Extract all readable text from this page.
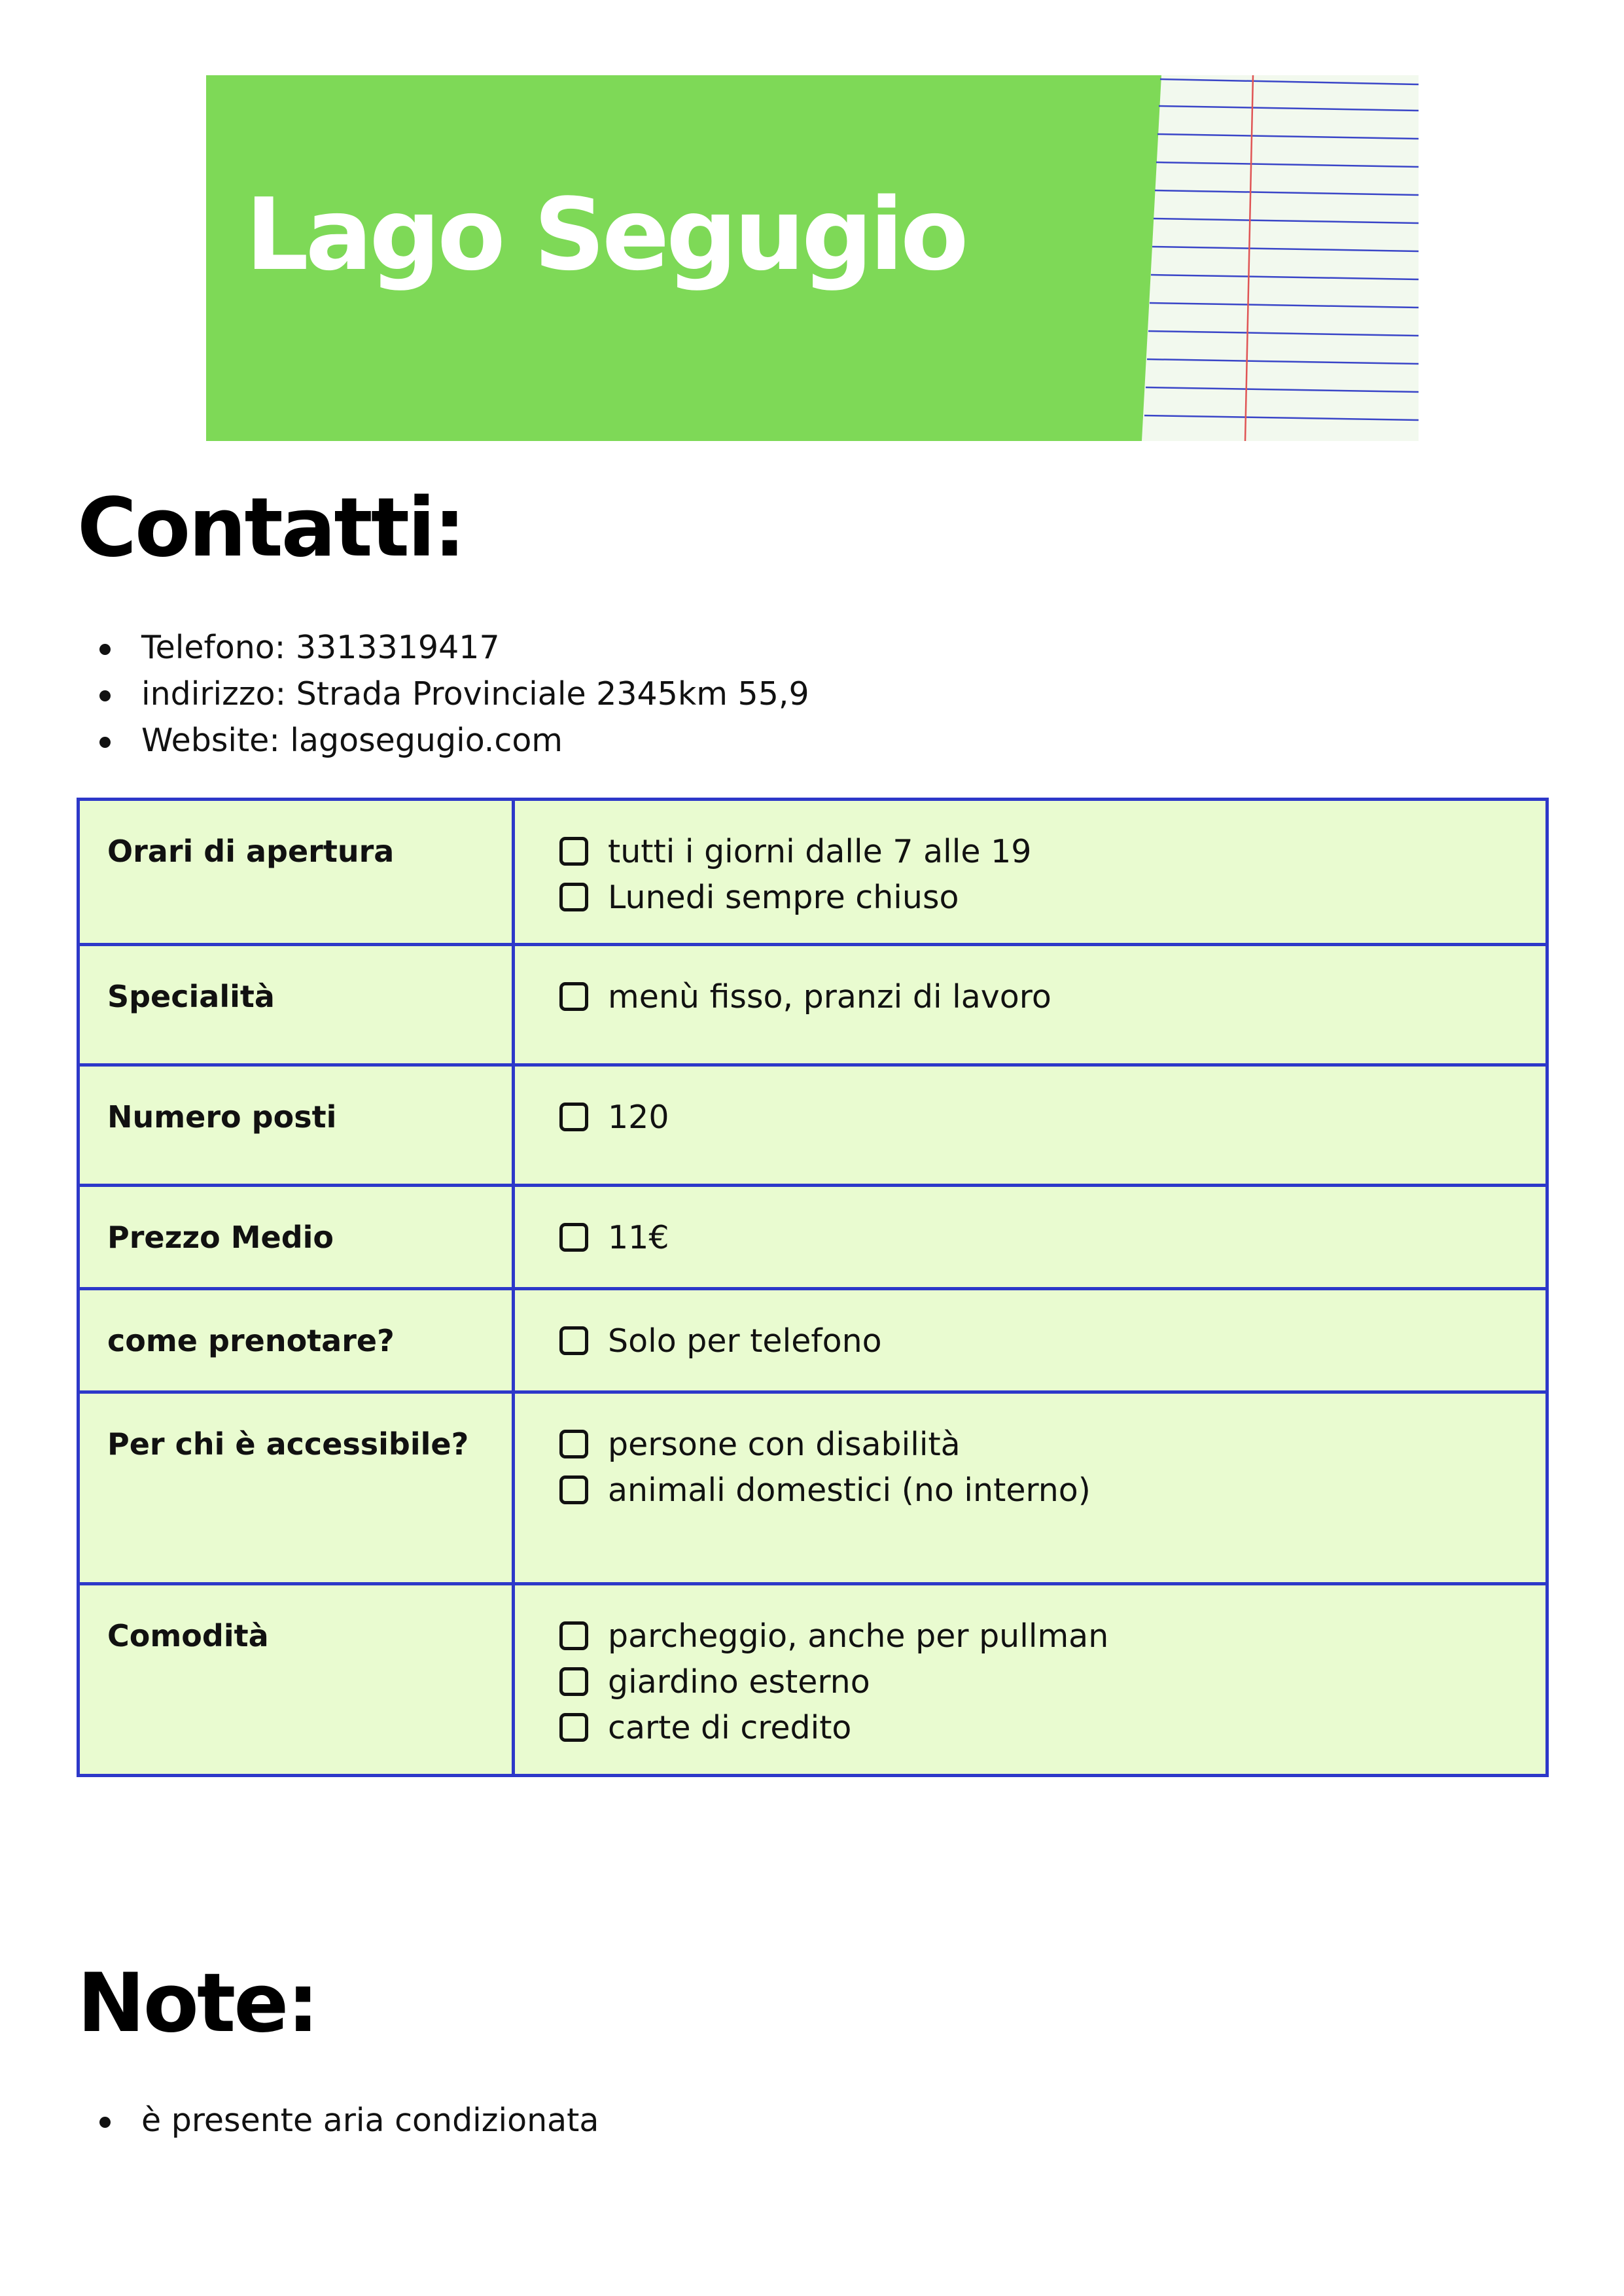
Lago Segugio
Contatti:
Telefono: 3313319417
indirizzo: Strada Provinciale 2345km 55,9
Website: lagosegugio.com
Orari di apertura	tutti i giorni dalle 7 alle 19
Lunedi sempre chiuso

Specialità	menù fisso, pranzi di lavoro

Numero posti	120

Prezzo Medio	11€

come prenotare?	Solo per telefono

Per chi è accessibile?	persone con disabilità
animali domestici (no interno)

Comodità	parcheggio, anche per pullman
giardino esterno
carte di credito
Note:
è presente aria condizionata
